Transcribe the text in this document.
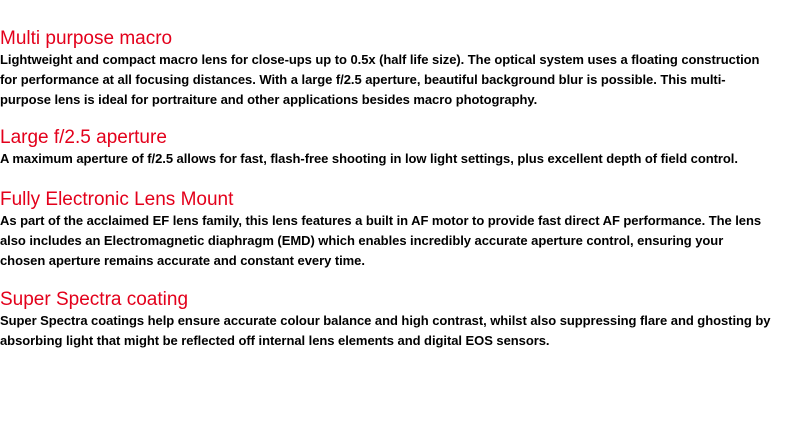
Multi purpose macro

Lightweight and compact macro lens for close-ups up to 0.5x (half life size). The optical system uses a floating construction
for performance at all focusing distances. With a large f/2.5 aperture, beautiful background blur is possible. This multi-
purpose lens is ideal for portraiture and other applications besides macro photography.

Large f/2.5 aperture

A maximum aperture of f/2.5 allows for fast, flash-free shooting in low light settings, plus excellent depth of field control.

Fully Electronic Lens Mount

As part of the acclaimed EF lens family, this lens features a built in AF motor to provide fast direct AF performance. The lens
also includes an Electromagnetic diaphragm (EMD) which enables incredibly accurate aperture control, ensuring your
chosen aperture remains accurate and constant every time.

Super Spectra coating

Super Spectra coatings help ensure accurate colour balance and high contrast, whilst also suppressing flare and ghosting by
absorbing light that might be reflected off internal lens elements and digital EOS sensors.
